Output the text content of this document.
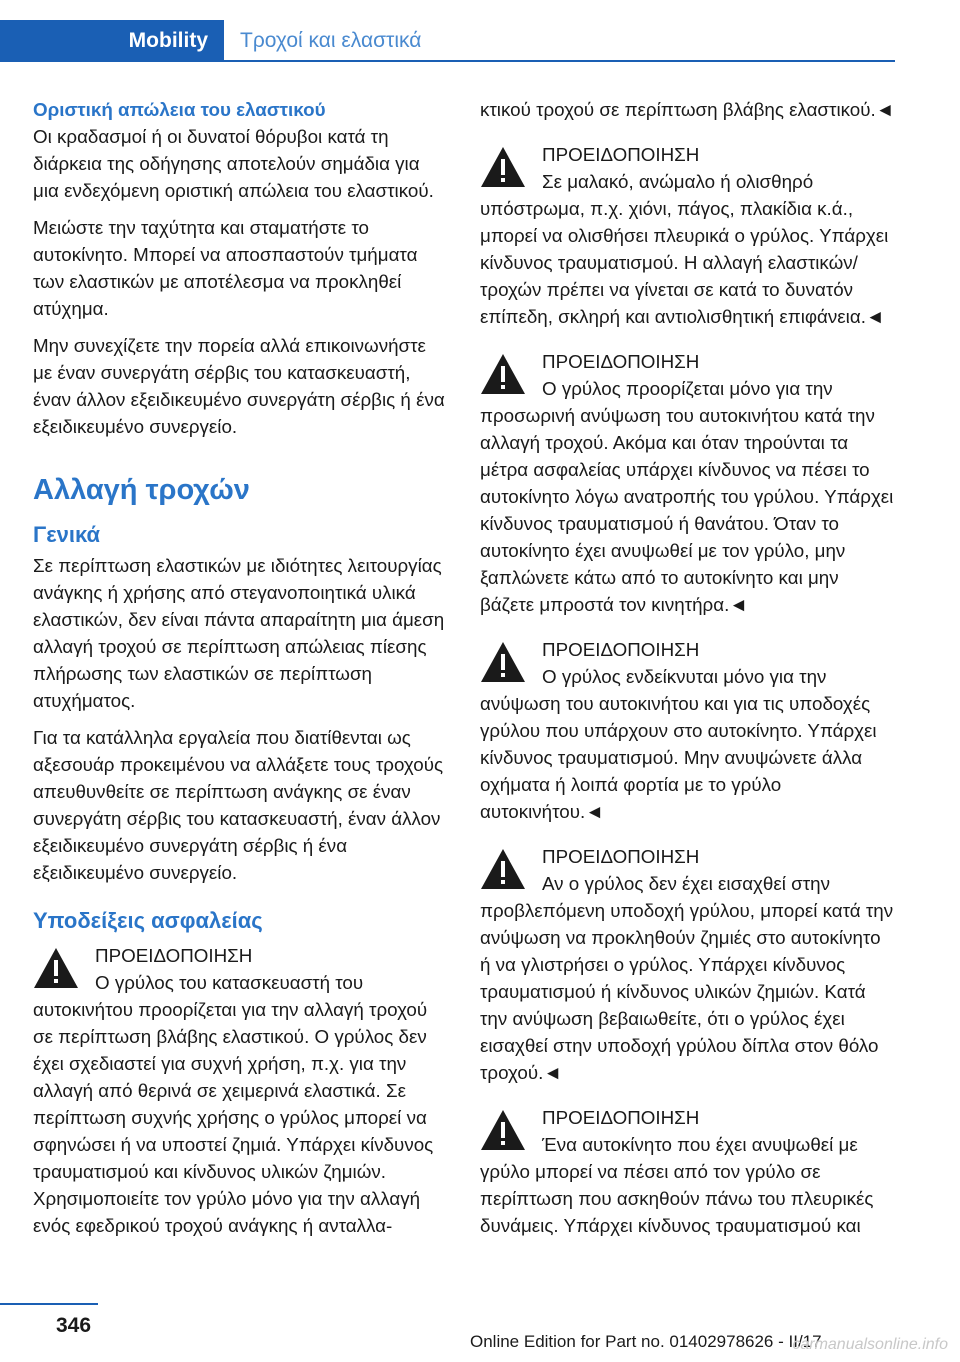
Mobility	Τροχοί και ελαστικά
Οριστική απώλεια του ελαστικού

Οι κραδασμοί ή οι δυνατοί θόρυβοι κατά τη διάρκεια της οδήγησης αποτελούν σημάδια για μια ενδεχόμενη οριστική απώλεια του ελαστικού.

Μειώστε την ταχύτητα και σταματήστε το αυτοκίνητο. Μπορεί να αποσπαστούν τμήματα των ελαστικών με αποτέλεσμα να προκληθεί ατύχημα.

Μην συνεχίζετε την πορεία αλλά επικοινωνήστε με έναν συνεργάτη σέρβις του κατασκευαστή, έναν άλλον εξειδικευμένο συνεργάτη σέρβις ή ένα εξειδικευμένο συνεργείο.

Αλλαγή τροχών
Γενικά

Σε περίπτωση ελαστικών με ιδιότητες λειτουργίας ανάγκης ή χρήσης από στεγανοποιητικά υλικά ελαστικών, δεν είναι πάντα απαραίτητη μια άμεση αλλαγή τροχού σε περίπτωση απώλειας πίεσης πλήρωσης των ελαστικών σε περίπτωση ατυχήματος.

Για τα κατάλληλα εργαλεία που διατίθενται ως αξεσουάρ προκειμένου να αλλάξετε τους τροχούς απευθυνθείτε σε περίπτωση ανάγκης σε έναν συνεργάτη σέρβις του κατασκευαστή, έναν άλλον εξειδικευμένο συνεργάτη σέρβις ή ένα εξειδικευμένο συνεργείο.

Υποδείξεις ασφαλείας
ΠΡΟΕΙΔΟΠΟΙΗΣΗ
Ο γρύλος του κατασκευαστή του αυτοκινήτου προορίζεται για την αλλαγή τροχού σε περίπτωση βλάβης ελαστικού. Ο γρύλος δεν έχει σχεδιαστεί για συχνή χρήση, π.χ. για την αλλαγή από θερινά σε χειμερινά ελαστικά. Σε περίπτωση συχνής χρήσης ο γρύλος μπορεί να σφηνώσει ή να υποστεί ζημιά. Υπάρχει κίνδυνος τραυματισμού και κίνδυνος υλικών ζημιών. Χρησιμοποιείτε τον γρύλο μόνο για την αλλαγή ενός εφεδρικού τροχού ανάγκης ή ανταλλα-

κτικού τροχού σε περίπτωση βλάβης ελαστικού.◄

ΠΡΟΕΙΔΟΠΟΙΗΣΗ
Σε μαλακό, ανώμαλο ή ολισθηρό υπόστρωμα, π.χ. χιόνι, πάγος, πλακίδια κ.ά., μπορεί να ολισθήσει πλευρικά ο γρύλος. Υπάρχει κίνδυνος τραυματισμού. Η αλλαγή ελαστικών/τροχών πρέπει να γίνεται σε κατά το δυνατόν επίπεδη, σκληρή και αντιολισθητική επιφάνεια.◄
ΠΡΟΕΙΔΟΠΟΙΗΣΗ
Ο γρύλος προορίζεται μόνο για την προσωρινή ανύψωση του αυτοκινήτου κατά την αλλαγή τροχού. Ακόμα και όταν τηρούνται τα μέτρα ασφαλείας υπάρχει κίνδυνος να πέσει το αυτοκίνητο λόγω ανατροπής του γρύλου. Υπάρχει κίνδυνος τραυματισμού ή θανάτου. Όταν το αυτοκίνητο έχει ανυψωθεί με τον γρύλο, μην ξαπλώνετε κάτω από το αυτοκίνητο και μην βάζετε μπροστά τον κινητήρα.◄
ΠΡΟΕΙΔΟΠΟΙΗΣΗ
Ο γρύλος ενδείκνυται μόνο για την ανύψωση του αυτοκινήτου και για τις υποδοχές γρύλου που υπάρχουν στο αυτοκίνητο. Υπάρχει κίνδυνος τραυματισμού. Μην ανυψώνετε άλλα οχήματα ή λοιπά φορτία με το γρύλο αυτοκινήτου.◄
ΠΡΟΕΙΔΟΠΟΙΗΣΗ
Αν ο γρύλος δεν έχει εισαχθεί στην προβλεπόμενη υποδοχή γρύλου, μπορεί κατά την ανύψωση να προκληθούν ζημιές στο αυτοκίνητο ή να γλιστρήσει ο γρύλος. Υπάρχει κίνδυνος τραυματισμού ή κίνδυνος υλικών ζημιών. Κατά την ανύψωση βεβαιωθείτε, ότι ο γρύλος έχει εισαχθεί στην υποδοχή γρύλου δίπλα στον θόλο τροχού.◄
ΠΡΟΕΙΔΟΠΟΙΗΣΗ
Ένα αυτοκίνητο που έχει ανυψωθεί με γρύλο μπορεί να πέσει από τον γρύλο σε περίπτωση που ασκηθούν πάνω του πλευρικές δυνάμεις. Υπάρχει κίνδυνος τραυματισμού και
346
Online Edition for Part no. 01402978626 - II/17
carmanualsonline.info
